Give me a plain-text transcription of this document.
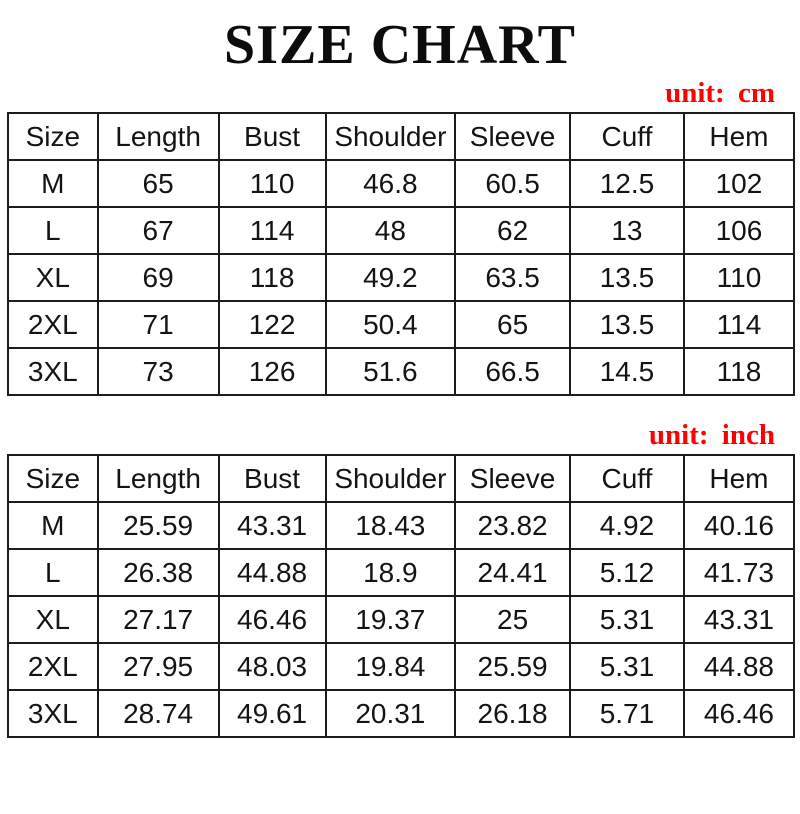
SIZE CHART
unit: cm
Size	Length	Bust	Shoulder	Sleeve	Cuff	Hem
M	65	110	46.8	60.5	12.5	102
L	67	114	48	62	13	106
XL	69	118	49.2	63.5	13.5	110
2XL	71	122	50.4	65	13.5	114
3XL	73	126	51.6	66.5	14.5	118
unit: inch
Size	Length	Bust	Shoulder	Sleeve	Cuff	Hem
M	25.59	43.31	18.43	23.82	4.92	40.16
L	26.38	44.88	18.9	24.41	5.12	41.73
XL	27.17	46.46	19.37	25	5.31	43.31
2XL	27.95	48.03	19.84	25.59	5.31	44.88
3XL	28.74	49.61	20.31	26.18	5.71	46.46
